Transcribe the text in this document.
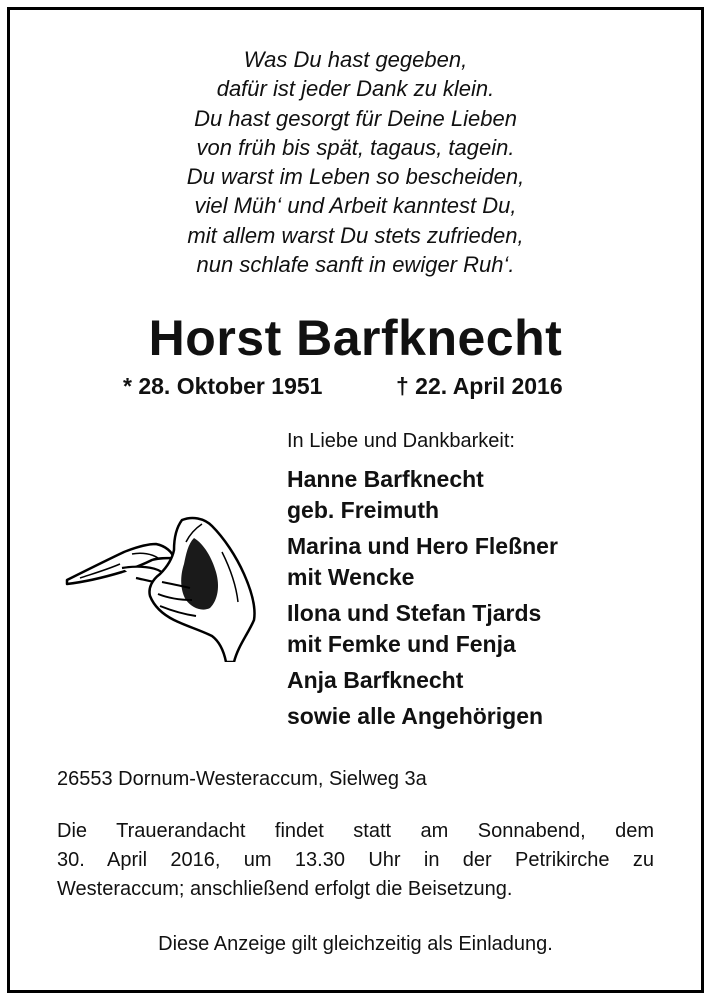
Was Du hast gegeben,
dafür ist jeder Dank zu klein.
Du hast gesorgt für Deine Lieben
von früh bis spät, tagaus, tagein.
Du warst im Leben so bescheiden,
viel Müh‘ und Arbeit kanntest Du,
mit allem warst Du stets zufrieden,
nun schlafe sanft in ewiger Ruh‘.
Horst Barfknecht
* 28. Oktober 1951	† 22. April 2016
In Liebe und Dankbarkeit:
Hanne Barfknecht
geb. Freimuth
Marina und Hero Fleßner
mit Wencke
Ilona und Stefan Tjards
mit Femke und Fenja
Anja Barfknecht
sowie alle Angehörigen
26553 Dornum-Westeraccum, Sielweg 3a
Die Trauerandacht findet statt am Sonnabend, dem
30. April 2016, um 13.30 Uhr in der Petrikirche zu
Westeraccum; anschließend erfolgt die Beisetzung.
Diese Anzeige gilt gleichzeitig als Einladung.
